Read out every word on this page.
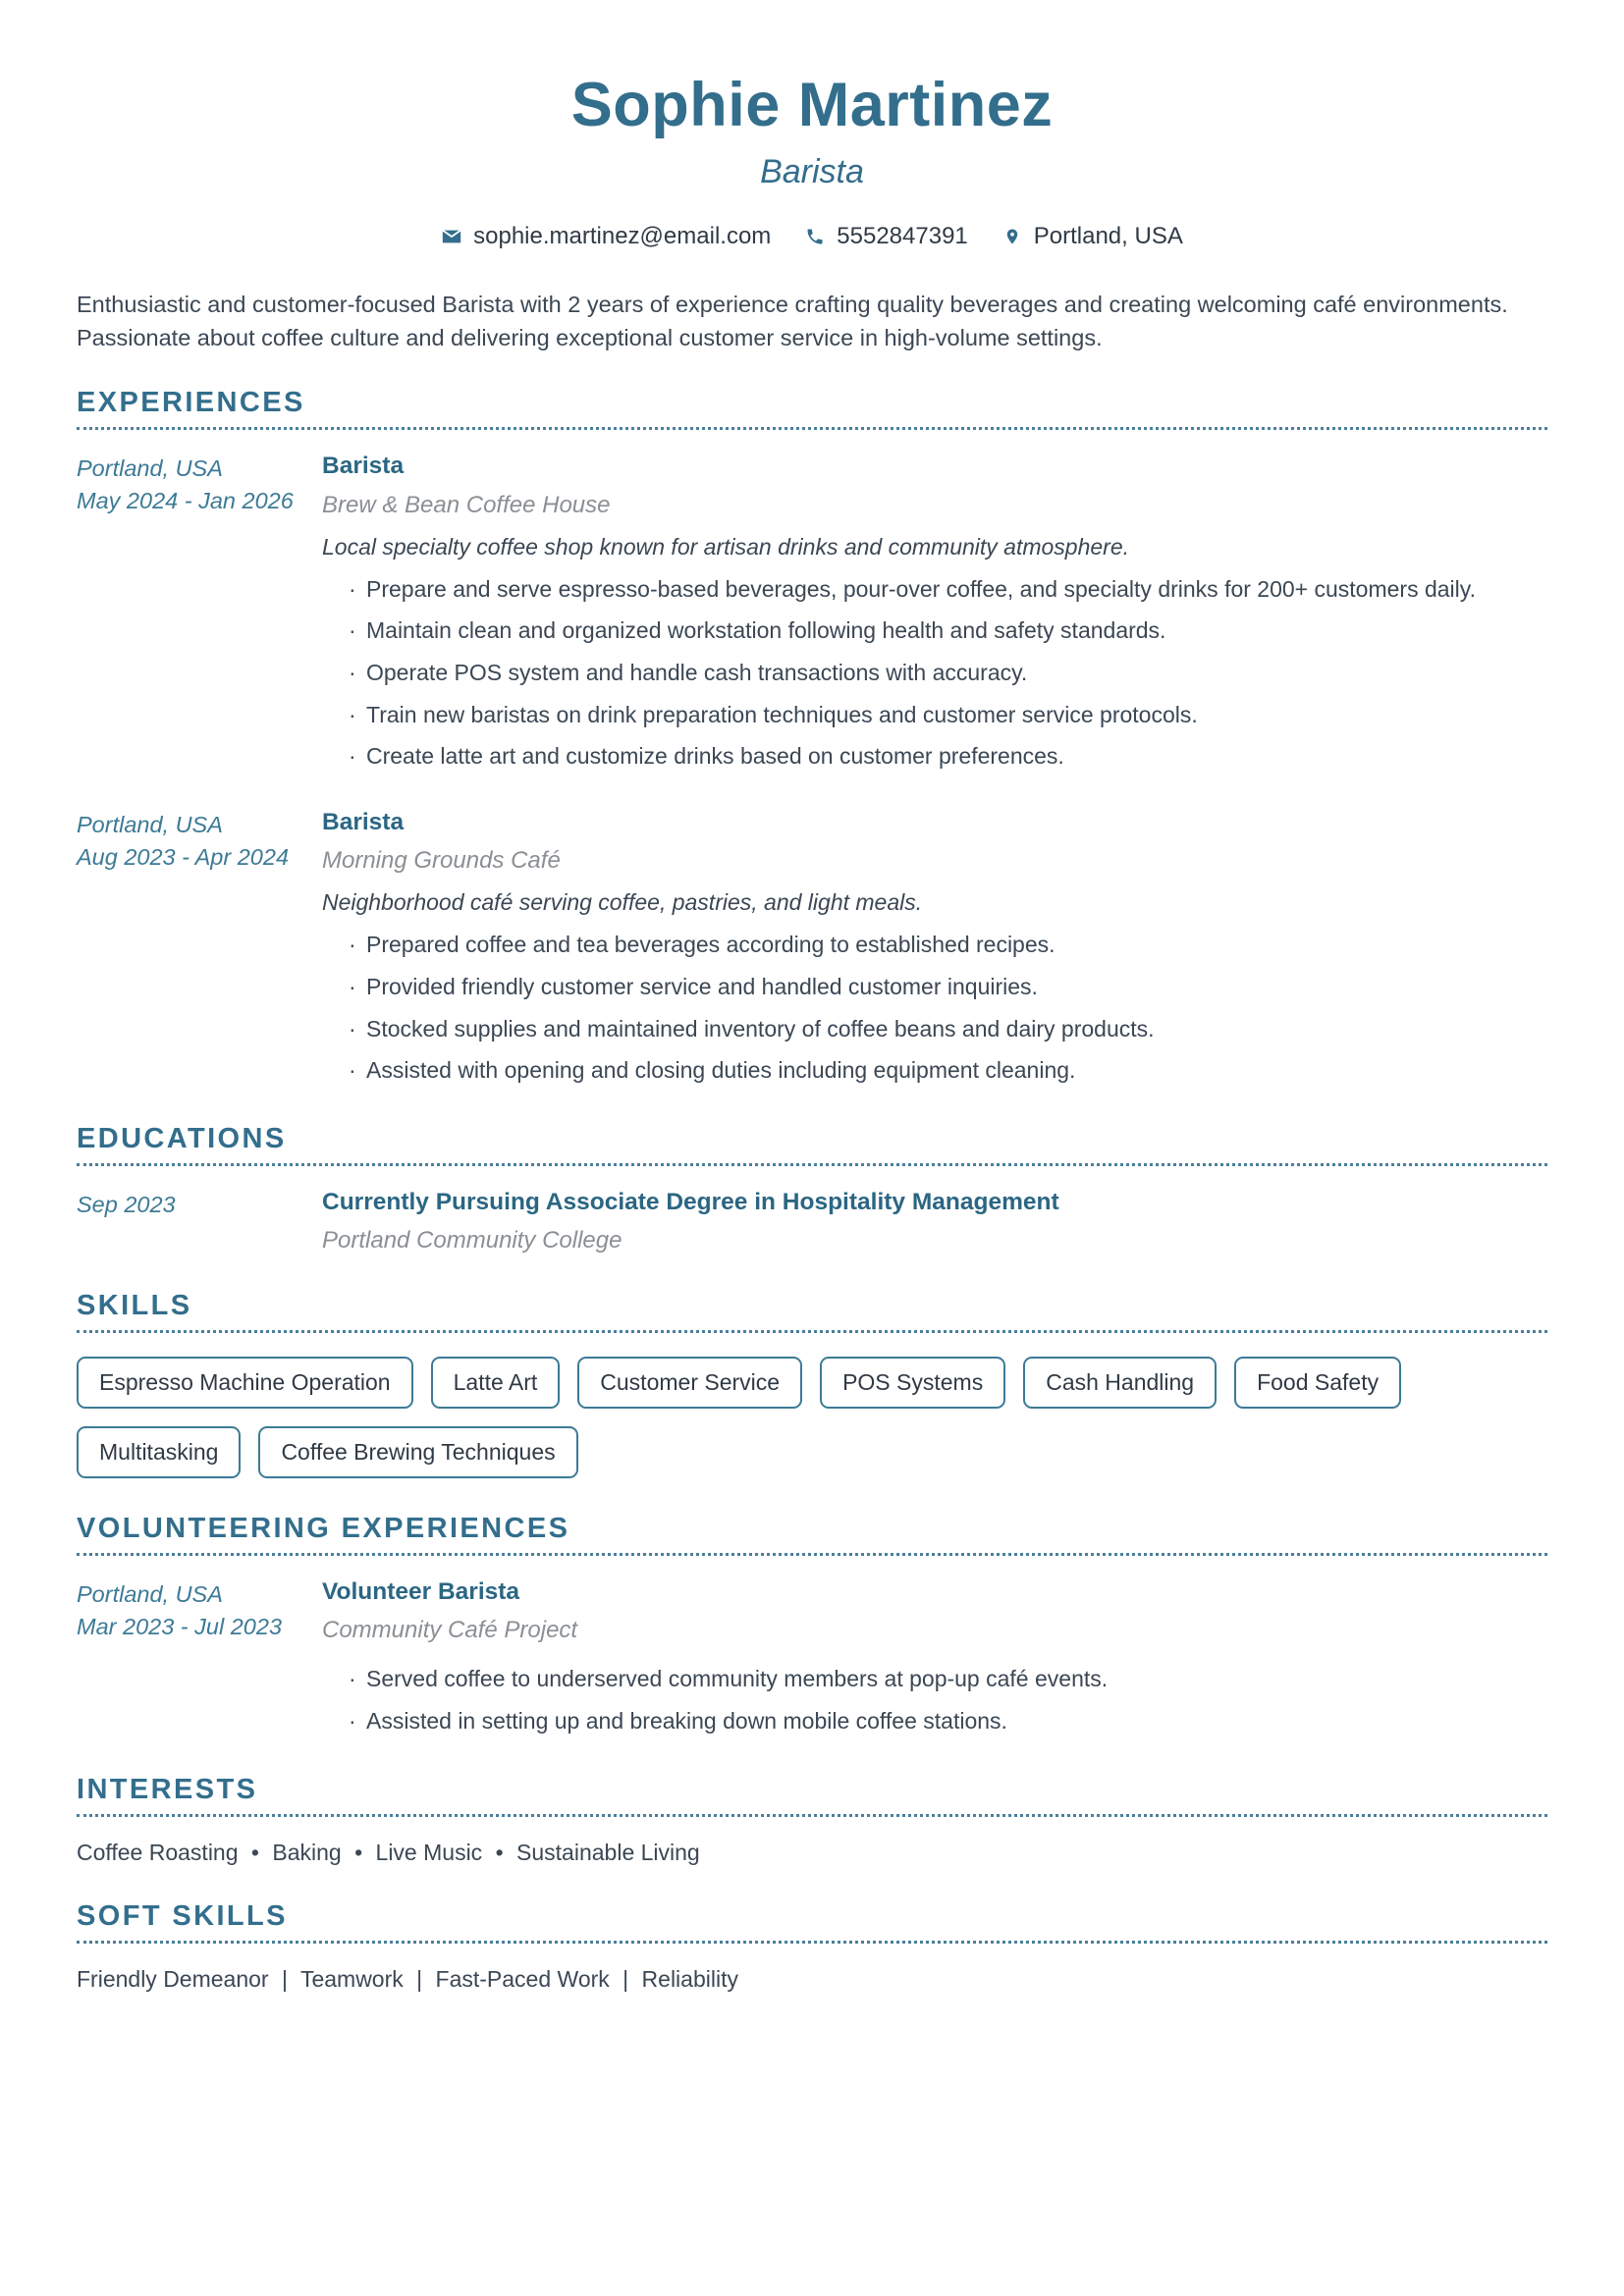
Sophie Martinez
Barista
sophie.martinez@email.com	5552847391	Portland, USA
Enthusiastic and customer-focused Barista with 2 years of experience crafting quality beverages and creating welcoming café environments. Passionate about coffee culture and delivering exceptional customer service in high-volume settings.
EXPERIENCES
Portland, USA
May 2024 - Jan 2026
Barista
Brew & Bean Coffee House
Local specialty coffee shop known for artisan drinks and community atmosphere.
· Prepare and serve espresso-based beverages, pour-over coffee, and specialty drinks for 200+ customers daily.
· Maintain clean and organized workstation following health and safety standards.
· Operate POS system and handle cash transactions with accuracy.
· Train new baristas on drink preparation techniques and customer service protocols.
· Create latte art and customize drinks based on customer preferences.
Portland, USA
Aug 2023 - Apr 2024
Barista
Morning Grounds Café
Neighborhood café serving coffee, pastries, and light meals.
· Prepared coffee and tea beverages according to established recipes.
· Provided friendly customer service and handled customer inquiries.
· Stocked supplies and maintained inventory of coffee beans and dairy products.
· Assisted with opening and closing duties including equipment cleaning.
EDUCATIONS
Sep 2023	Currently Pursuing Associate Degree in Hospitality Management
Portland Community College
SKILLS
Espresso Machine Operation	Latte Art	Customer Service	POS Systems	Cash Handling	Food Safety
Multitasking	Coffee Brewing Techniques
VOLUNTEERING EXPERIENCES
Portland, USA
Mar 2023 - Jul 2023
Volunteer Barista
Community Café Project
· Served coffee to underserved community members at pop-up café events.
· Assisted in setting up and breaking down mobile coffee stations.
INTERESTS
Coffee Roasting • Baking • Live Music • Sustainable Living
SOFT SKILLS
Friendly Demeanor | Teamwork | Fast-Paced Work | Reliability
